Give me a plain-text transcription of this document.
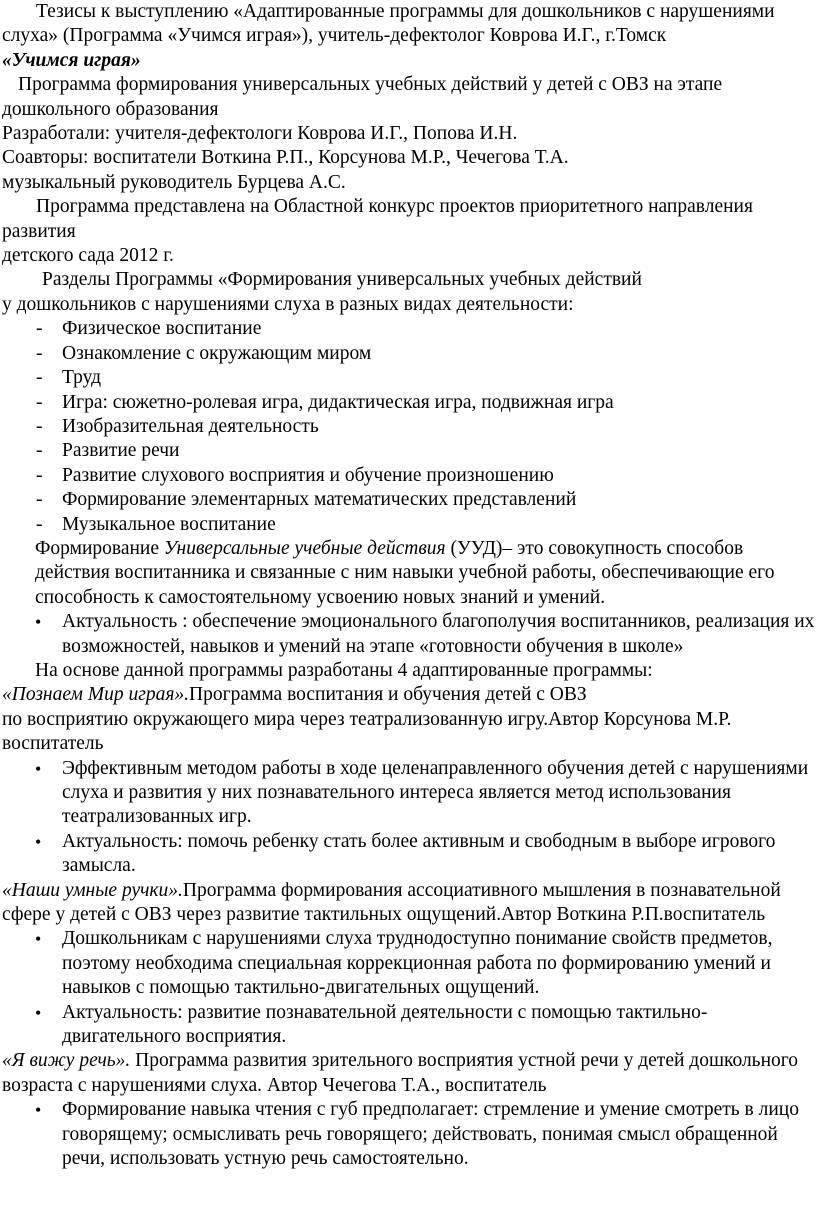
Тезисы к выступлению «Адаптированные программы для дошкольников с нарушениями слуха» (Программа «Учимся играя»), учитель-дефектолог Коврова И.Г., г.Томск

«Учимся играя»

Программа формирования универсальных учебных действий у детей с ОВЗ на этапе дошкольного образования

Разработали: учителя-дефектологи Коврова И.Г., Попова И.Н.

Соавторы: воспитатели Воткина Р.П., Корсунова М.Р., Чечегова Т.А.

музыкальный руководитель Бурцева А.С.

Программа представлена на Областной конкурс проектов приоритетного направления развития

детского сада 2012 г.

Разделы Программы «Формирования универсальных учебных действий

у дошкольников с нарушениями слуха в разных видах деятельности:

- Физическое воспитание
- Ознакомление с окружающим миром
- Труд
- Игра: сюжетно-ролевая игра, дидактическая игра, подвижная игра
- Изобразительная деятельность
- Развитие речи
- Развитие слухового восприятия и обучение произношению
- Формирование элементарных математических представлений
- Музыкальное воспитание

Формирование Универсальные учебные действия (УУД)– это совокупность способов действия воспитанника и связанные с ним навыки учебной работы, обеспечивающие его способность к самостоятельному усвоению новых знаний и умений.

• Актуальность : обеспечение эмоционального благополучия воспитанников, реализация их возможностей, навыков и умений на этапе «готовности обучения в школе»

На основе данной программы разработаны 4 адаптированные программы:

«Познаем Мир играя».Программа воспитания и обучения детей с ОВЗ

по восприятию окружающего мира через театрализованную игру.Автор Корсунова М.Р. воспитатель

• Эффективным методом работы в ходе целенаправленного обучения детей с нарушениями слуха и развития у них познавательного интереса является метод использования театрализованных игр.
• Актуальность: помочь ребенку стать более активным и свободным в выборе игрового замысла.

«Наши умные ручки».Программа формирования ассоциативного мышления в познавательной сфере у детей с ОВЗ через развитие тактильных ощущений.Автор Воткина Р.П.воспитатель

• Дошкольникам с нарушениями слуха труднодоступно понимание свойств предметов, поэтому необходима специальная коррекционная работа по формированию умений и навыков с помощью тактильно-двигательных ощущений.
• Актуальность: развитие познавательной деятельности с помощью тактильно-двигательного восприятия.

«Я вижу речь». Программа развития зрительного восприятия устной речи у детей дошкольного возраста с нарушениями слуха. Автор Чечегова Т.А., воспитатель

• Формирование навыка чтения с губ предполагает: стремление и умение смотреть в лицо говорящему; осмысливать речь говорящего; действовать, понимая смысл обращенной речи, использовать устную речь самостоятельно.
